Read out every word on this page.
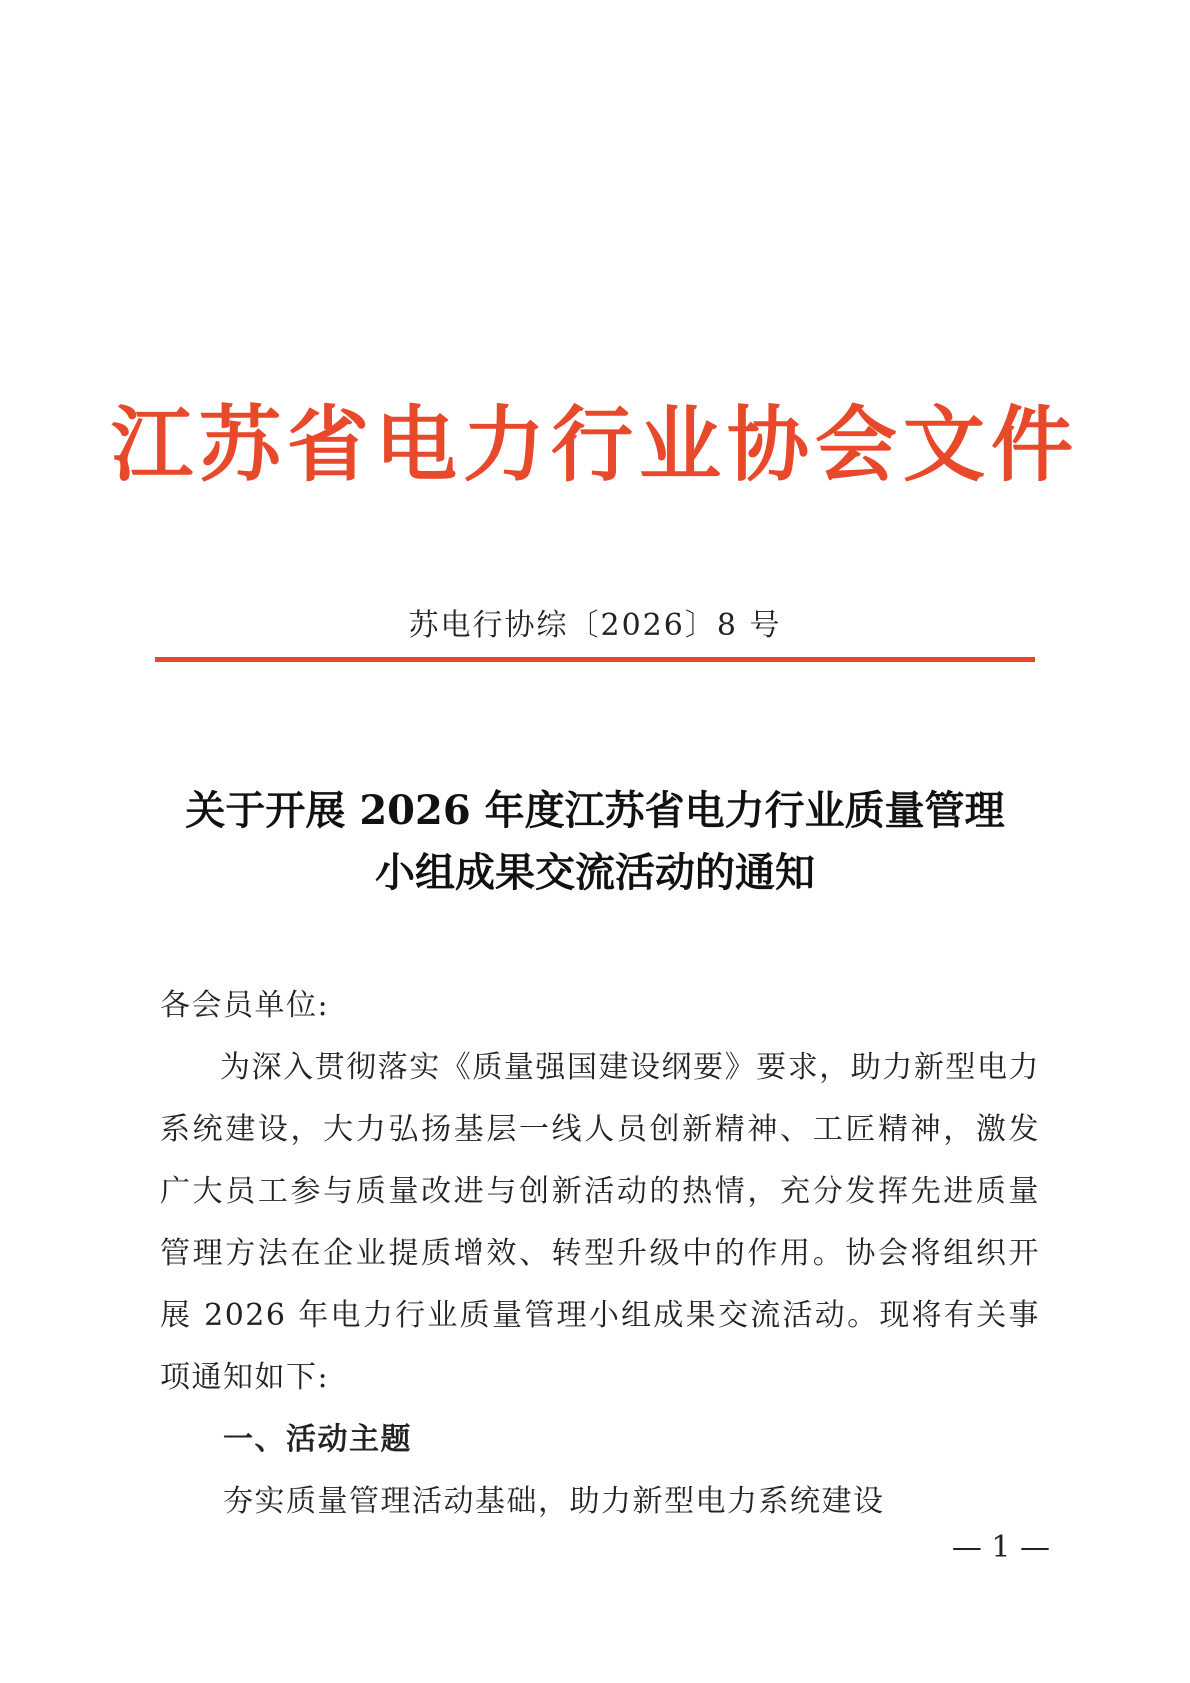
江苏省电力行业协会文件
苏电行协综〔2026〕8 号
关于开展 2026 年度江苏省电力行业质量管理
小组成果交流活动的通知

各会员单位:

为深入贯彻落实《质量强国建设纲要》要求，助力新型电力系统建设，大力弘扬基层一线人员创新精神、工匠精神，激发广大员工参与质量改进与创新活动的热情，充分发挥先进质量管理方法在企业提质增效、转型升级中的作用。协会将组织开展 2026 年电力行业质量管理小组成果交流活动。现将有关事项通知如下:

一、活动主题

夯实质量管理活动基础，助力新型电力系统建设

— 1 —
